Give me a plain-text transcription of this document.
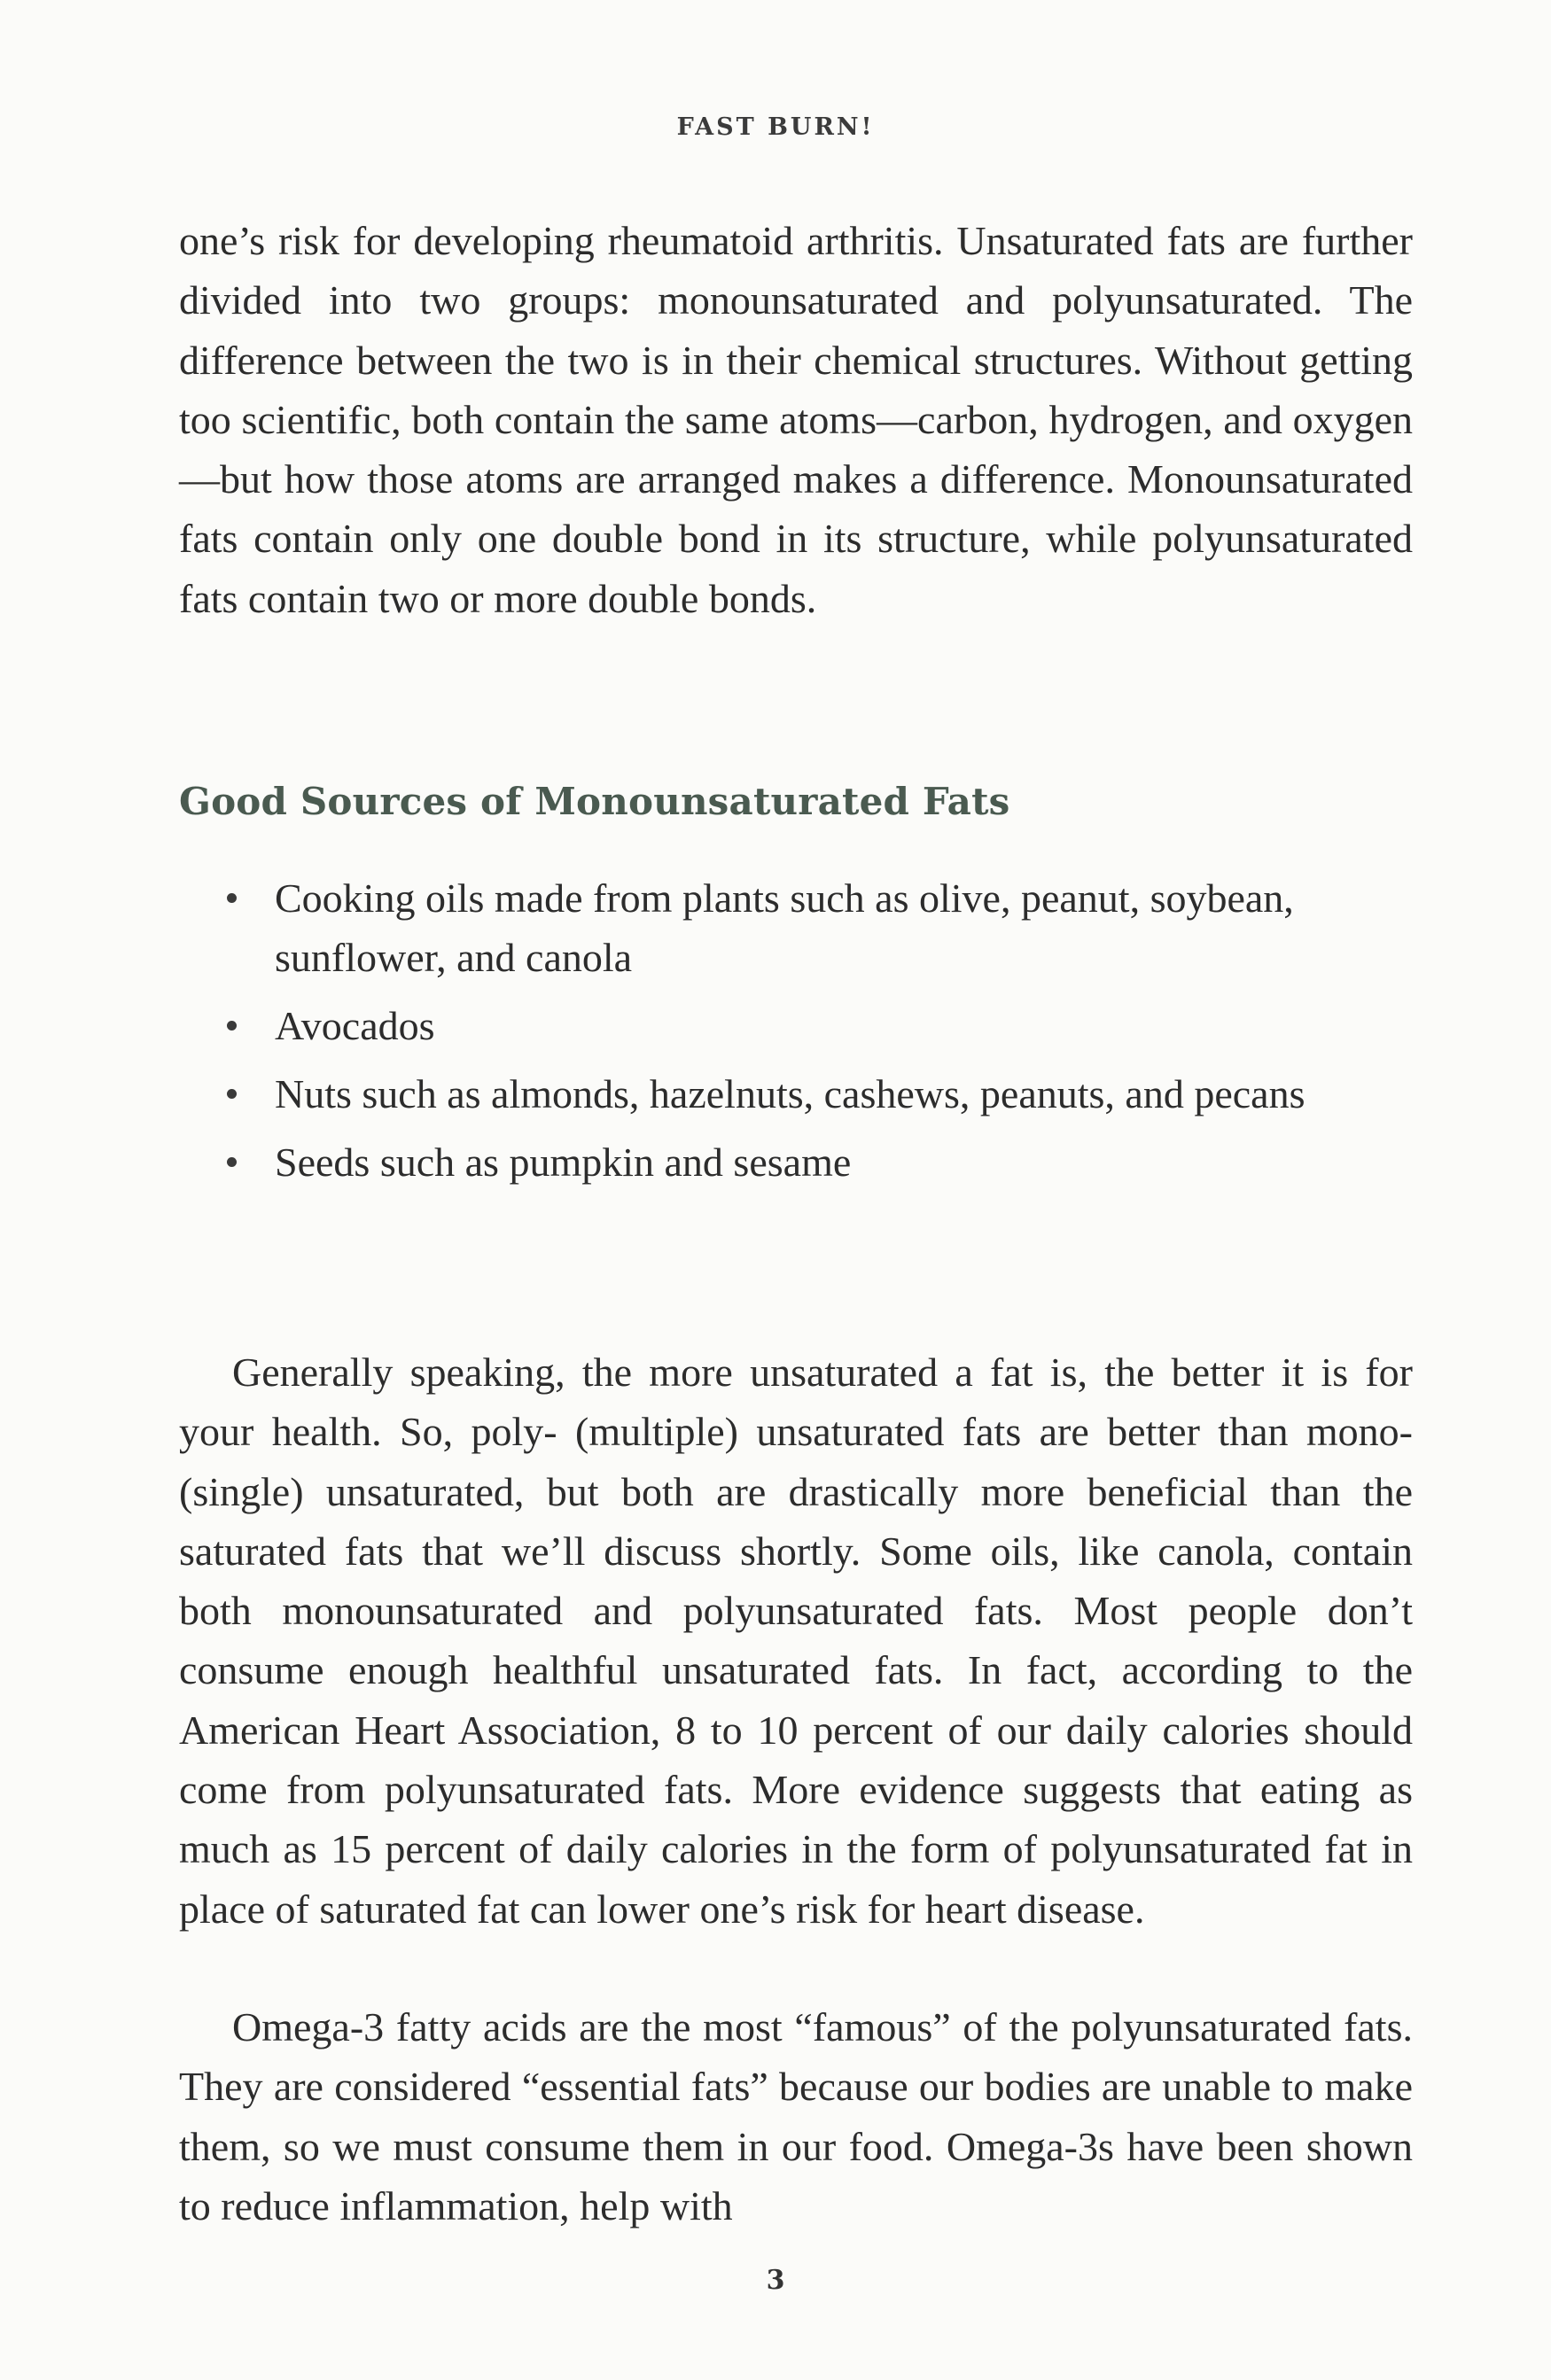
FAST BURN!

one’s risk for developing rheumatoid arthritis. Unsaturated fats are further divided into two groups: monounsaturated and polyunsaturated. The difference between the two is in their chemical structures. Without getting too scientific, both contain the same atoms—carbon, hydrogen, and oxygen—but how those atoms are arranged makes a difference. Monounsaturated fats contain only one double bond in its structure, while polyunsaturated fats contain two or more double bonds.

Good Sources of Monounsaturated Fats
Cooking oils made from plants such as olive, peanut, soybean, sunflower, and canola
Avocados
Nuts such as almonds, hazelnuts, cashews, peanuts, and pecans
Seeds such as pumpkin and sesame

Generally speaking, the more unsaturated a fat is, the better it is for your health. So, poly- (multiple) unsaturated fats are better than mono- (single) unsaturated, but both are drastically more beneficial than the saturated fats that we’ll discuss shortly. Some oils, like canola, contain both monounsaturated and polyunsaturated fats. Most people don’t consume enough healthful unsaturated fats. In fact, according to the American Heart Association, 8 to 10 percent of our daily calories should come from polyunsaturated fats. More evidence suggests that eating as much as 15 percent of daily calories in the form of polyunsaturated fat in place of saturated fat can lower one’s risk for heart disease.

Omega-3 fatty acids are the most “famous” of the polyunsaturated fats. They are considered “essential fats” because our bodies are unable to make them, so we must consume them in our food. Omega-3s have been shown to reduce inflammation, help with

3
